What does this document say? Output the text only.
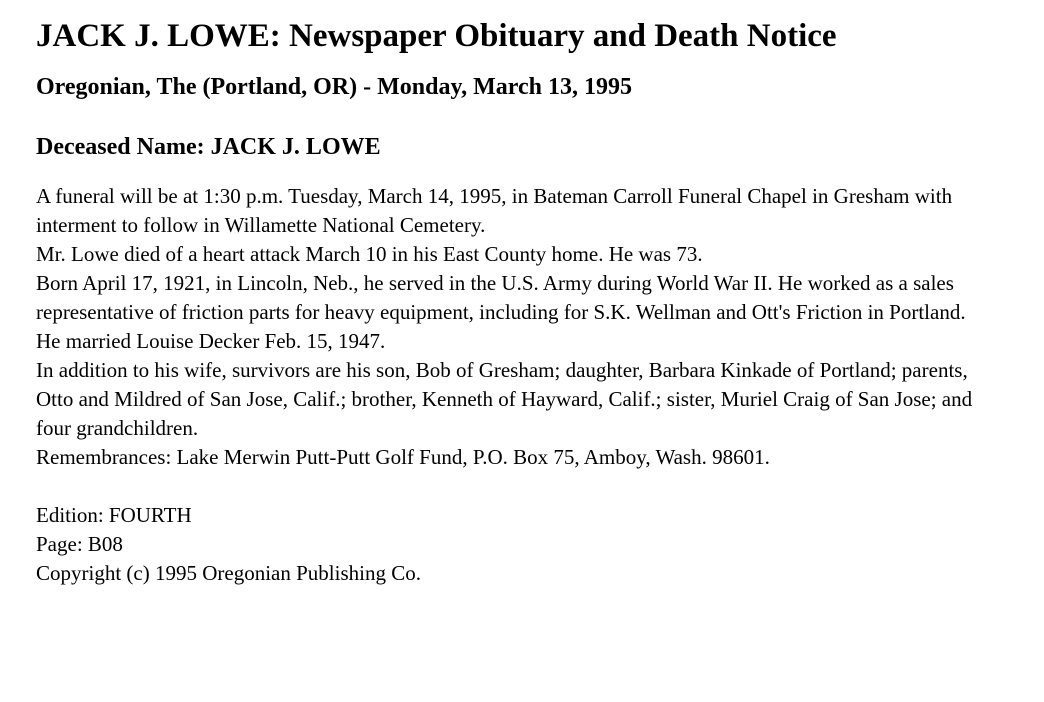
JACK J. LOWE: Newspaper Obituary and Death Notice
Oregonian, The (Portland, OR) - Monday, March 13, 1995
Deceased Name: JACK J. LOWE

A funeral will be at 1:30 p.m. Tuesday, March 14, 1995, in Bateman Carroll Funeral Chapel in Gresham with interment to follow in Willamette National Cemetery.

Mr. Lowe died of a heart attack March 10 in his East County home. He was 73.

Born April 17, 1921, in Lincoln, Neb., he served in the U.S. Army during World War II. He worked as a sales representative of friction parts for heavy equipment, including for S.K. Wellman and Ott's Friction in Portland.

He married Louise Decker Feb. 15, 1947.

In addition to his wife, survivors are his son, Bob of Gresham; daughter, Barbara Kinkade of Portland; parents, Otto and Mildred of San Jose, Calif.; brother, Kenneth of Hayward, Calif.; sister, Muriel Craig of San Jose; and four grandchildren.

Remembrances: Lake Merwin Putt-Putt Golf Fund, P.O. Box 75, Amboy, Wash. 98601.

Edition: FOURTH

Page: B08

Copyright (c) 1995 Oregonian Publishing Co.
